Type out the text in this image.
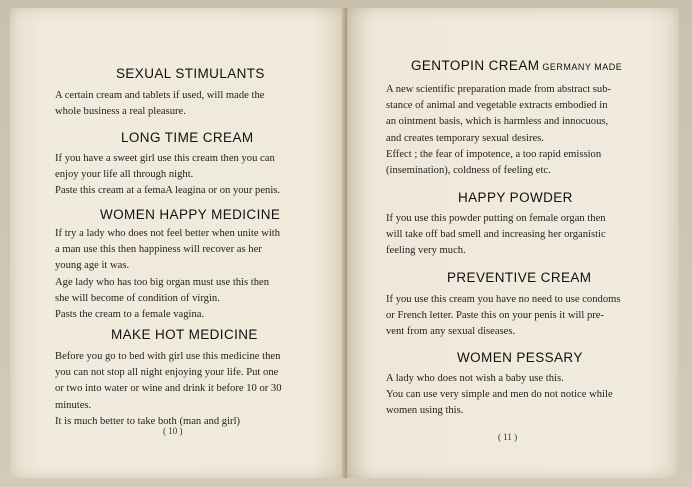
SEXUAL STIMULANTS
A certain cream and tablets if used, will made the
whole business a real pleasure.
LONG TIME CREAM
If you have a sweet girl use this cream then you can
enjoy your life all through night.
Paste this cream at a femaA leagina or on your penis.
WOMEN HAPPY MEDICINE
If try a lady who does not feel better when unite with
a man use this then happiness will recover as her
young age it was.
Age lady who has too big organ must use this then
she will become of condition of virgin.
Pasts the cream to a female vagina.
MAKE HOT MEDICINE
Before you go to bed with girl use this medicine then
you can not stop all night enjoying your life. Put one
or two into water or wine and drink it before 10 or 30
minutes.
It is much better to take both (man and girl)
( 10 )
GENTOPIN CREAM GERMANY MADE
A new scientific preparation made from abstract sub-
stance of animal and vegetable extracts embodied in
an ointment basis, which is harmless and innocuous,
and creates temporary sexual desires.
Effect ; the fear of impotence, a too rapid emission
(insemination), coldness of feeling etc.
HAPPY POWDER
If you use this powder putting on female organ then
will take off bad smell and increasing her organistic
feeling very much.
PREVENTIVE CREAM
If you use this cream you have no need to use condoms
or French letter. Paste this on your penis it will pre-
vent from any sexual diseases.
WOMEN PESSARY
A lady who does not wish a baby use this.
You can use very simple and men do not notice while
women using this.
( 11 )
